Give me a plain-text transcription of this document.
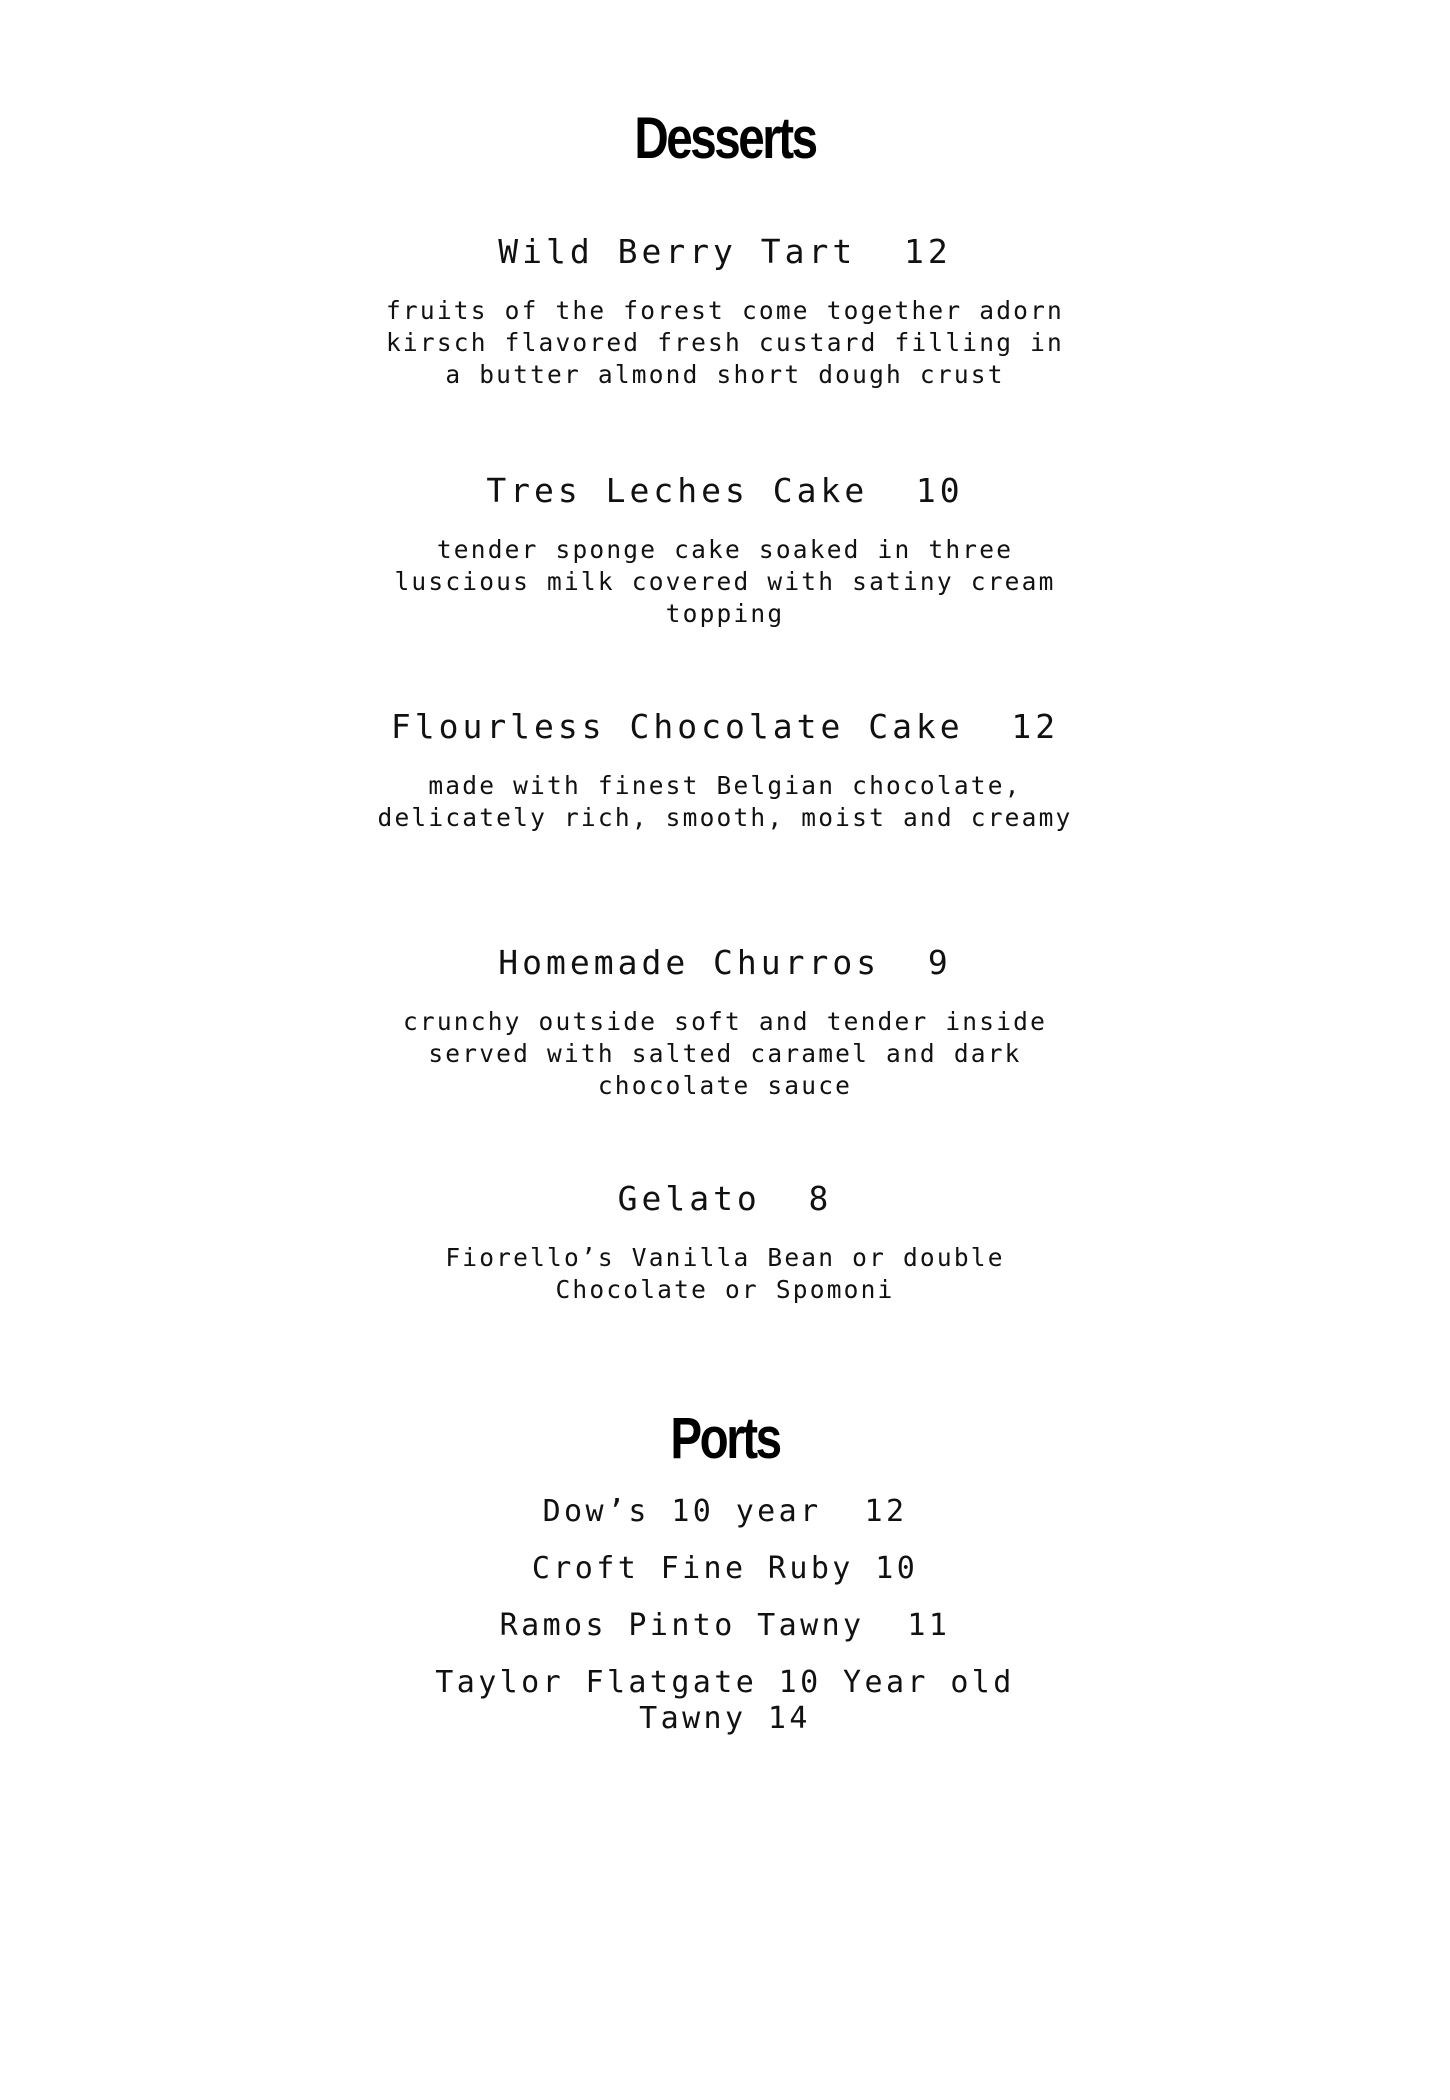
Desserts
Wild Berry Tart  12
fruits of the forest come together adorn kirsch flavored fresh custard filling in a butter almond short dough crust
Tres Leches Cake  10
tender sponge cake soaked in three luscious milk covered with satiny cream topping
Flourless Chocolate Cake  12
made with finest Belgian chocolate, delicately rich, smooth, moist and creamy
Homemade Churros  9
crunchy outside soft and tender inside served with salted caramel and dark chocolate sauce
Gelato  8
Fiorello’s Vanilla Bean or double Chocolate or Spomoni
Ports
Dow’s 10 year  12
Croft Fine Ruby 10
Ramos Pinto Tawny  11
Taylor Flatgate 10 Year old Tawny 14
